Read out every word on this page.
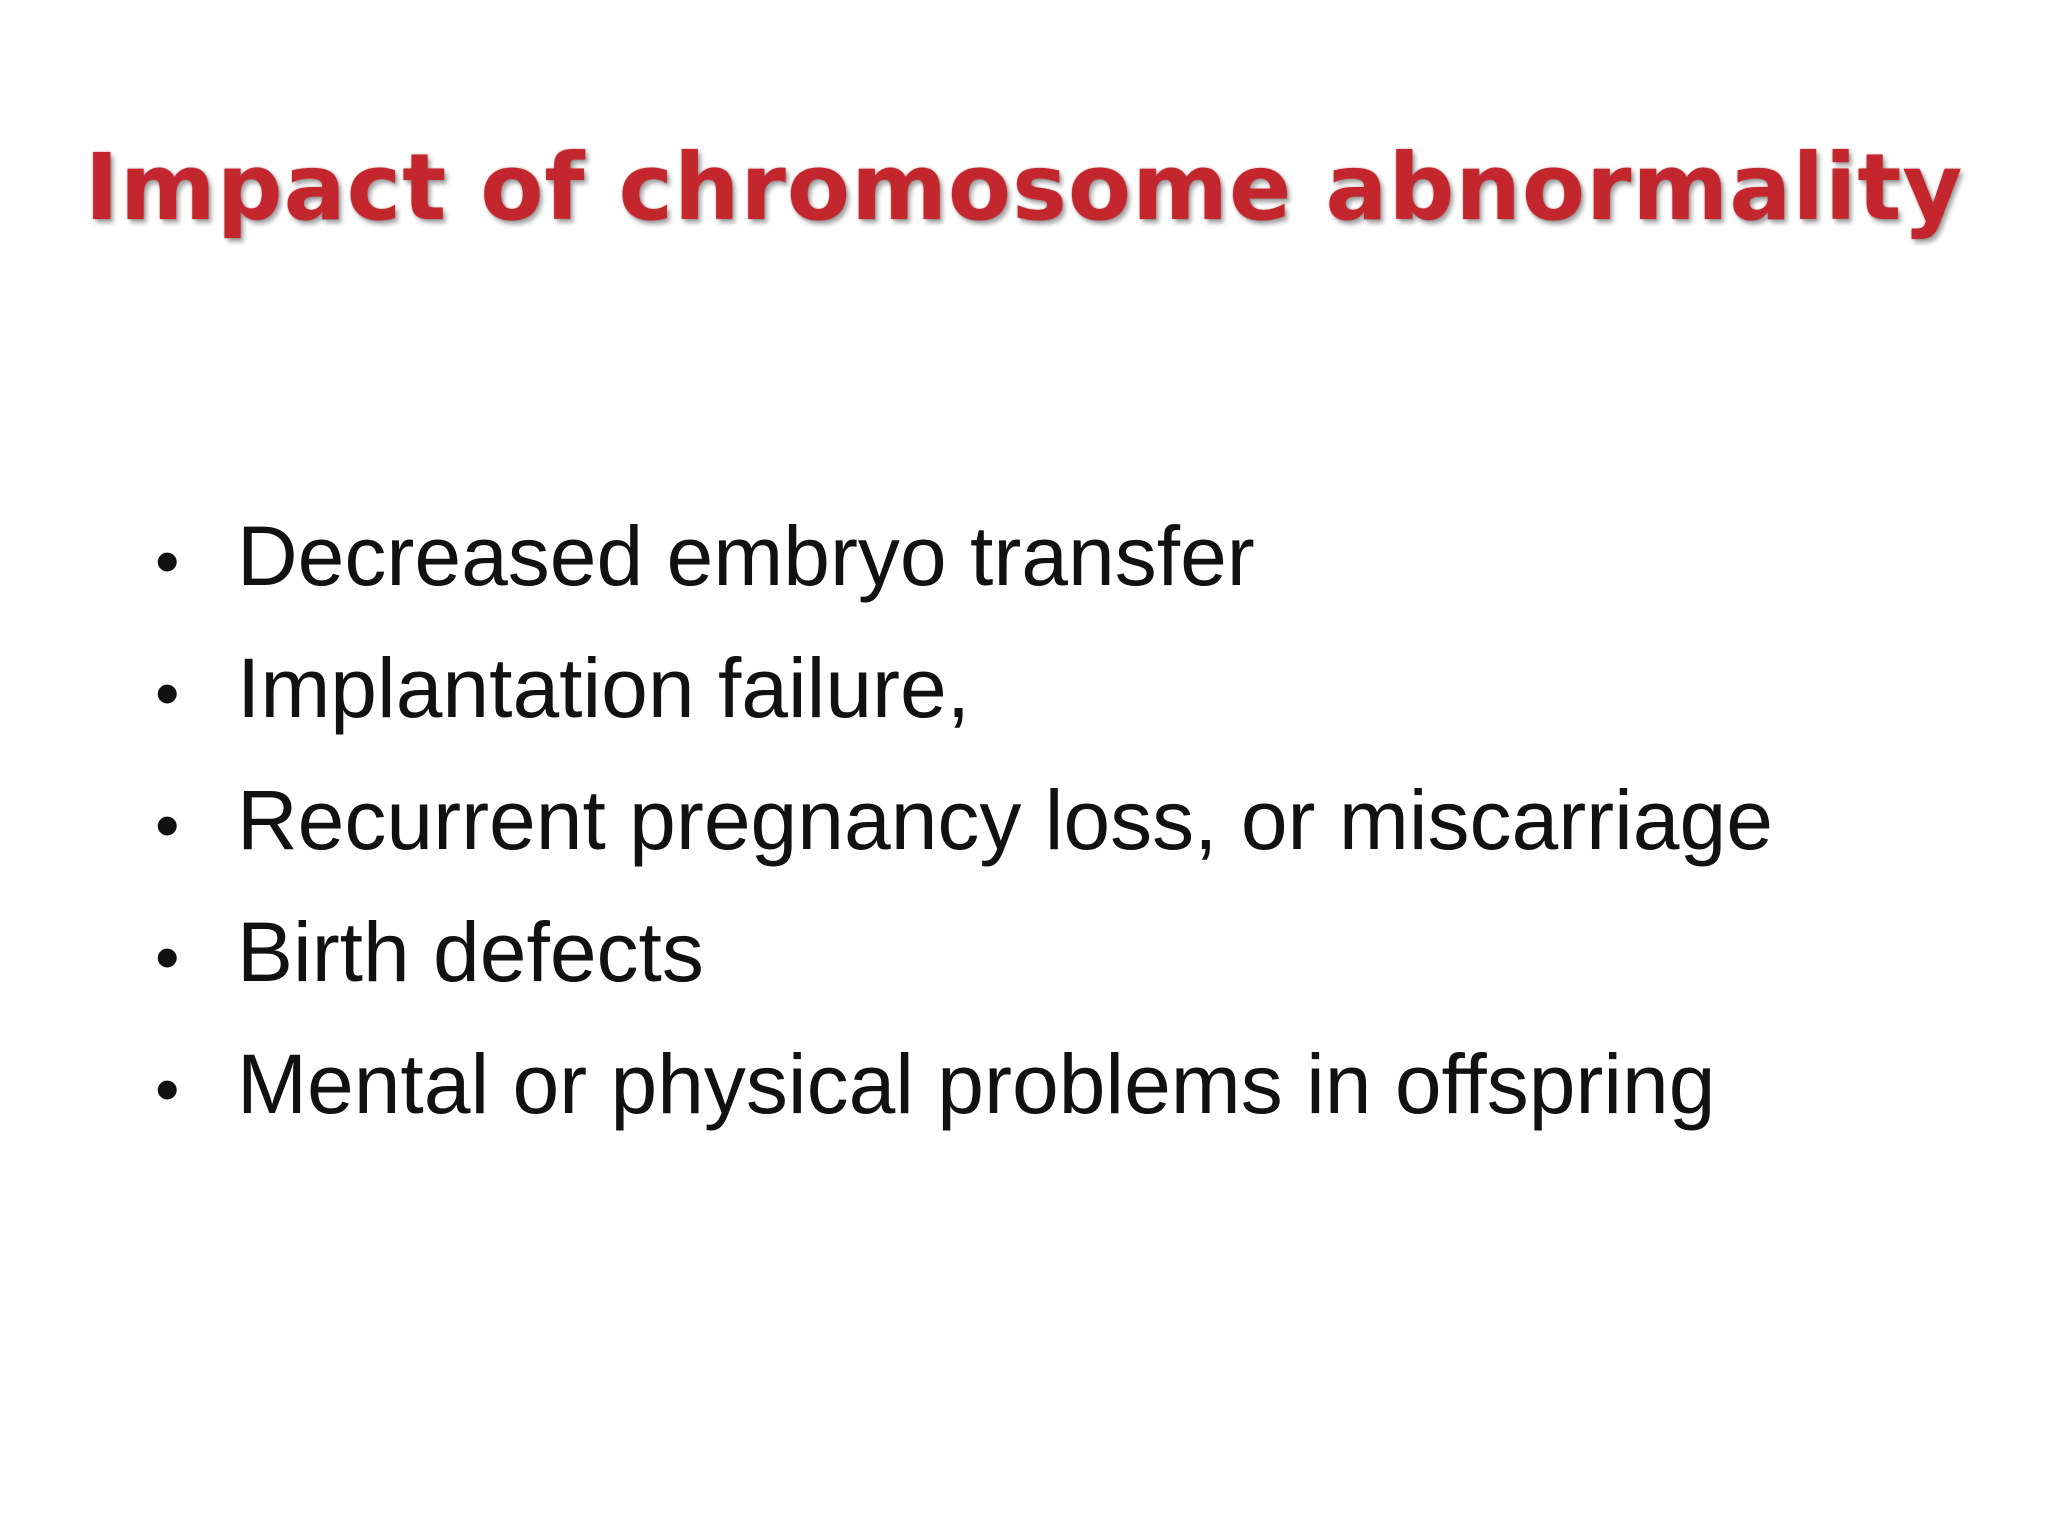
Impact of chromosome abnormality
• Decreased embryo transfer
• Implantation failure,
• Recurrent pregnancy loss, or miscarriage
• Birth defects
• Mental or physical problems in offspring
